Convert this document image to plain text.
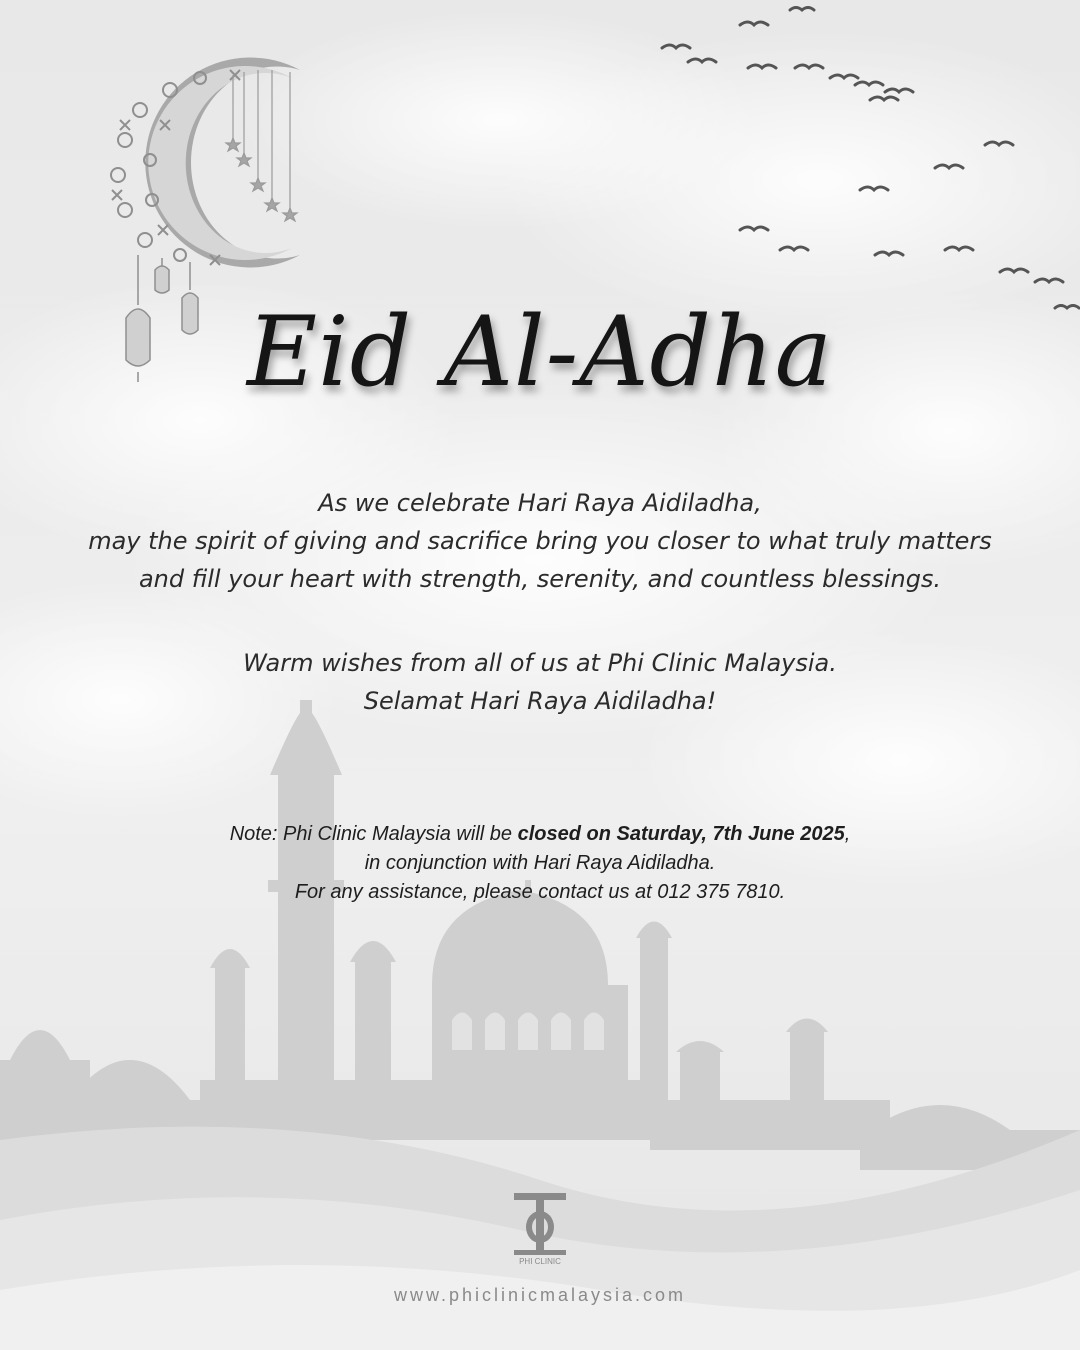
Eid Al-Adha
As we celebrate Hari Raya Aidiladha,
may the spirit of giving and sacrifice bring you closer to what truly matters
and fill your heart with strength, serenity, and countless blessings.
Warm wishes from all of us at Phi Clinic Malaysia.
Selamat Hari Raya Aidiladha!
Note: Phi Clinic Malaysia will be closed on Saturday, 7th June 2025,
in conjunction with Hari Raya Aidiladha.
For any assistance, please contact us at 012 375 7810.
PHI CLINIC
www.phiclinicmalaysia.com
